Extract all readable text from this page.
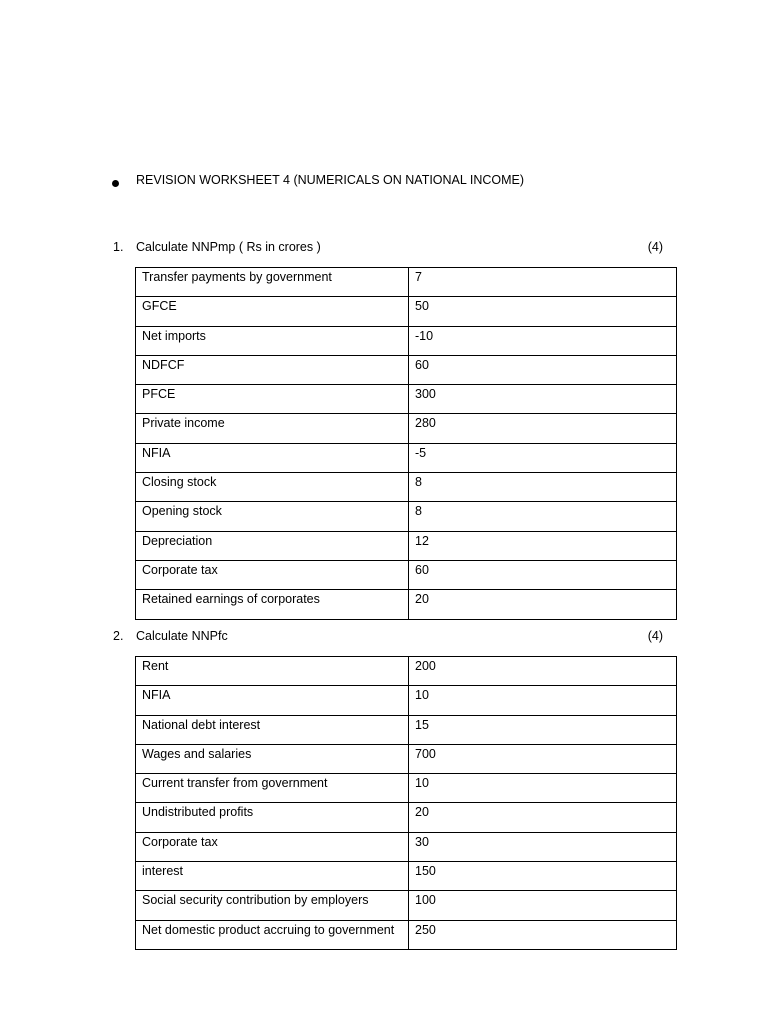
REVISION WORKSHEET 4 (NUMERICALS ON NATIONAL INCOME)
1. Calculate NNPmp ( Rs in crores )	(4)
Transfer payments by government	7
GFCE	50
Net imports	-10
NDFCF	60
PFCE	300
Private income	280
NFIA	-5
Closing stock	8
Opening stock	8
Depreciation	12
Corporate tax	60
Retained earnings of corporates	20
2. Calculate NNPfc	(4)
Rent	200
NFIA	10
National debt interest	15
Wages and salaries	700
Current transfer from government	10
Undistributed profits	20
Corporate tax	30
interest	150
Social security contribution by employers	100
Net domestic product accruing to government	250
